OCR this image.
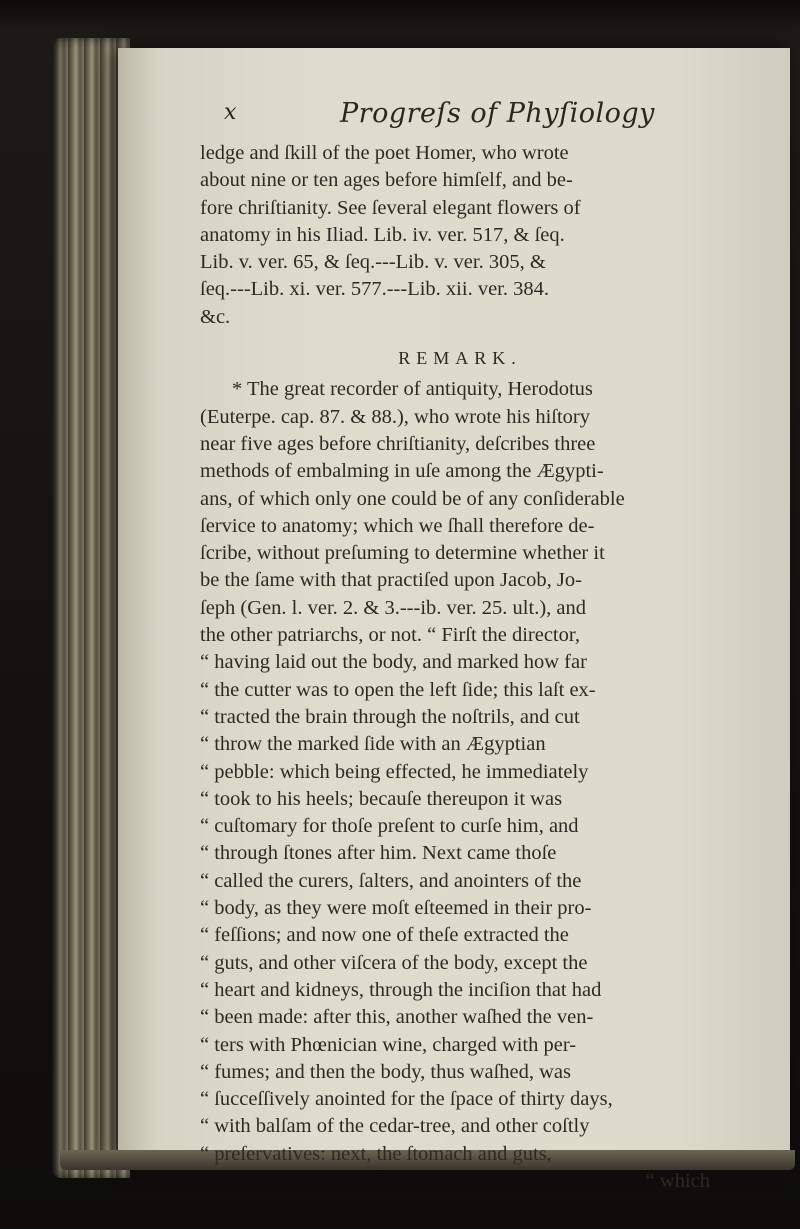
x	Progreſs of Phyſiology
ledge and ſkill of the poet Homer, who wrote
about nine or ten ages before himſelf, and be-
fore chriſtianity. See ſeveral elegant flowers of
anatomy in his Iliad. Lib. iv. ver. 517, & ſeq.
Lib. v. ver. 65, & ſeq.---Lib. v. ver. 305, &
ſeq.---Lib. xi. ver. 577.---Lib. xii. ver. 384.
&c.
REMARK.
* The great recorder of antiquity, Herodotus
(Euterpe. cap. 87. & 88.), who wrote his hiſtory
near five ages before chriſtianity, deſcribes three
methods of embalming in uſe among the Ægypti-
ans, of which only one could be of any conſiderable
ſervice to anatomy; which we ſhall therefore de-
ſcribe, without preſuming to determine whether it
be the ſame with that practiſed upon Jacob, Jo-
ſeph (Gen. l. ver. 2. & 3.---ib. ver. 25. ult.), and
the other patriarchs, or not. “ Firſt the director,
“ having laid out the body, and marked how far
“ the cutter was to open the left ſide; this laſt ex-
“ tracted the brain through the noſtrils, and cut
“ throw the marked ſide with an Ægyptian
“ pebble: which being effected, he immediately
“ took to his heels; becauſe thereupon it was
“ cuſtomary for thoſe preſent to curſe him, and
“ through ſtones after him. Next came thoſe
“ called the curers, ſalters, and anointers of the
“ body, as they were moſt eſteemed in their pro-
“ feſſions; and now one of theſe extracted the
“ guts, and other viſcera of the body, except the
“ heart and kidneys, through the inciſion that had
“ been made: after this, another waſhed the ven-
“ ters with Phœnician wine, charged with per-
“ fumes; and then the body, thus waſhed, was
“ ſucceſſively anointed for the ſpace of thirty days,
“ with balſam of the cedar-tree, and other coſtly
“ preſervatives: next, the ſtomach and guts,
“ which
